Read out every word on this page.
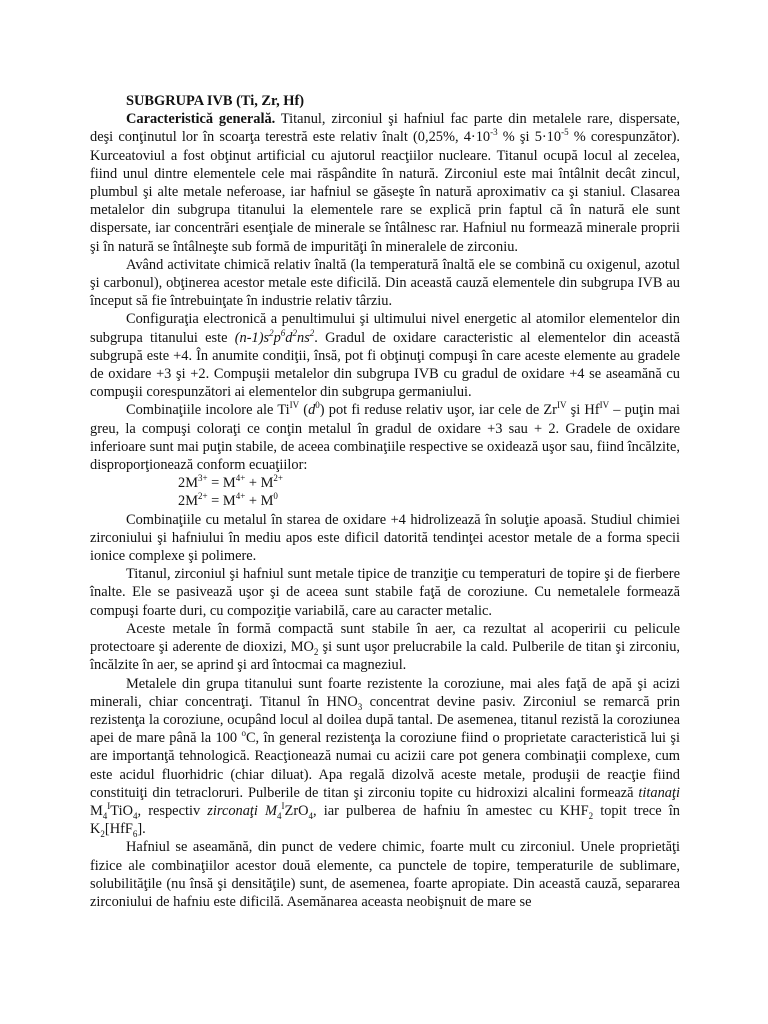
SUBGRUPA IVB (Ti, Zr, Hf)

Caracteristică generală. Titanul, zirconiul şi hafniul fac parte din metalele rare, dispersate, deşi conţinutul lor în scoarţa terestră este relativ înalt (0,25%, $4\cdot 10^{-3}$ % şi $5\cdot 10^{-5}$ % corespunzător). Kurceatoviul a fost obţinut artificial cu ajutorul reacţiilor nucleare. Titanul ocupă locul al zecelea, fiind unul dintre elementele cele mai răspândite în natură. Zirconiul este mai întâlnit decât zincul, plumbul şi alte metale neferoase, iar hafniul se găseşte în natură aproximativ ca şi staniul. Clasarea metalelor din subgrupa titanului la elementele rare se explică prin faptul că în natură ele sunt dispersate, iar concentrări esenţiale de minerale se întâlnesc rar. Hafniul nu formează minerale proprii şi în natură se întâlneşte sub formă de impurităţi în mineralele de zirconiu.

Având activitate chimică relativ înaltă (la temperatură înaltă ele se combină cu oxigenul, azotul şi carbonul), obţinerea acestor metale este dificilă. Din această cauză elementele din subgrupa IVB au început să fie întrebuinţate în industrie relativ târziu.

Configuraţia electronică a penultimului şi ultimului nivel energetic al atomilor elementelor din subgrupa titanului este $(n-1)s^2p^6d^2ns^2$. Gradul de oxidare caracteristic al elementelor din această subgrupă este +4. În anumite condiţii, însă, pot fi obţinuţi compuşi în care aceste elemente au gradele de oxidare +3 şi +2. Compuşii metalelor din subgrupa IVB cu gradul de oxidare +4 se aseamănă cu compuşii corespunzători ai elementelor din subgrupa germaniului.

Combinaţiile incolore ale $Ti^{IV}$ $(d^0)$ pot fi reduse relativ uşor, iar cele de $Zr^{IV}$ şi $Hf^{IV}$ – puţin mai greu, la compuşi coloraţi ce conţin metalul în gradul de oxidare +3 sau + 2. Gradele de oxidare inferioare sunt mai puţin stabile, de aceea combinaţiile respective se oxidează uşor sau, fiind încălzite, disproporţionează conform ecuaţiilor:

$2M^{3+} = M^{4+} + M^{2+}$
$2M^{2+} = M^{4+} + M^0$

Combinaţiile cu metalul în starea de oxidare +4 hidrolizează în soluţie apoasă. Studiul chimiei zirconiului şi hafniului în mediu apos este dificil datorită tendinţei acestor metale de a forma specii ionice complexe şi polimere.

Titanul, zirconiul şi hafniul sunt metale tipice de tranziţie cu temperaturi de topire şi de fierbere înalte. Ele se pasivează uşor şi de aceea sunt stabile faţă de coroziune. Cu nemetalele formează compuşi foarte duri, cu compoziţie variabilă, care au caracter metalic.

Aceste metale în formă compactă sunt stabile în aer, ca rezultat al acoperirii cu pelicule protectoare şi aderente de dioxizi, $MO_2$ şi sunt uşor prelucrabile la cald. Pulberile de titan şi zirconiu, încălzite în aer, se aprind şi ard întocmai ca magneziul.

Metalele din grupa titanului sunt foarte rezistente la coroziune, mai ales faţă de apă şi acizi minerali, chiar concentraţi. Titanul în $HNO_3$ concentrat devine pasiv. Zirconiul se remarcă prin rezistenţa la coroziune, ocupând locul al doilea după tantal. De asemenea, titanul rezistă la coroziunea apei de mare până la 100 $^o$C, în general rezistenţa la coroziune fiind o proprietate caracteristică lui şi are importanţă tehnologică. Reacţionează numai cu acizii care pot genera combinaţii complexe, cum este acidul fluorhidric (chiar diluat). Apa regală dizolvă aceste metale, produşii de reacţie fiind constituiţi din tetracloruri. Pulberile de titan şi zirconiu topite cu hidroxizi alcalini formează titanaţi $M_4^ITiO_4$, respectiv zirconaţi $M_4^IZrO_4$, iar pulberea de hafniu în amestec cu $KHF_2$ topit trece în $K_2[HfF_6]$.

Hafniul se aseamănă, din punct de vedere chimic, foarte mult cu zirconiul. Unele proprietăţi fizice ale combinaţiilor acestor două elemente, ca punctele de topire, temperaturile de sublimare, solubilităţile (nu însă şi densităţile) sunt, de asemenea, foarte apropiate. Din această cauză, separarea zirconiului de hafniu este dificilă. Asemănarea aceasta neobişnuit de mare se
